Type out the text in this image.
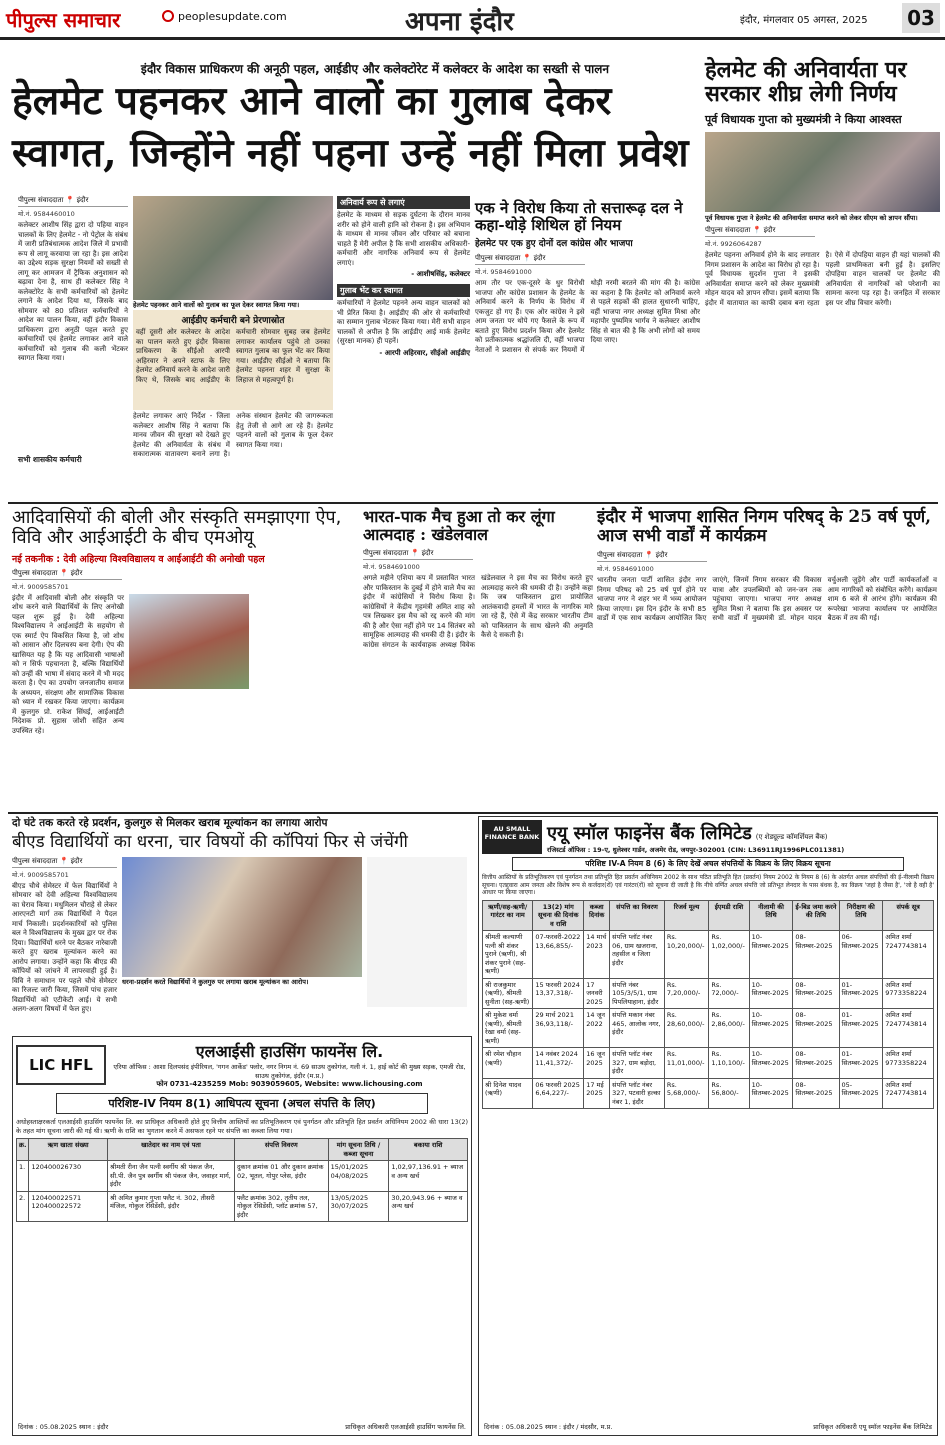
पीपुल्स समाचार	peoplesupdate.com	अपना इंदौर	इंदौर, मंगलवार 05 अगस्त, 2025 03
इंदौर विकास प्राधिकरण की अनूठी पहल, आईडीए और कलेक्टोरेट में कलेक्टर के आदेश का सख्ती से पालन
हेलमेट पहनकर आने वालों का गुलाब देकर
स्वागत, जिन्होंने नहीं पहना उन्हें नहीं मिला प्रवेश
पीपुल्स संवाददाता 📍 इंदौर
मो.नं. 9584460010
कलेक्टर आशीष सिंह द्वारा दो पहिया वाहन चालकों के लिए हेलमेट - नो पेट्रोल के संबंध में जारी प्रतिबंधात्मक आदेश जिले में प्रभावी रूप से लागू करवाया जा रहा है। इस आदेश का उद्देश्य सड़क सुरक्षा नियमों को सख्ती से लागू कर आमजन में ट्रैफिक अनुशासन को बढ़ावा देना है, साथ ही कलेक्टर सिंह ने कलेक्टोरेट के सभी कर्मचारियों को हेलमेट लगाने के आदेश दिया था, जिसके बाद सोमवार को 80 प्रतिशत कर्मचारियों ने आदेश का पालन किया, वहीं इंदौर विकास प्राधिकरण द्वारा अनूठी पहल करते हुए कर्मचारियों एवं हेलमेट लगाकर आने वाले कर्मचारियों को गुलाब की कली भेंटकर स्वागत किया गया।
हेलमेट पहनकर आने वालों को गुलाब का फूल देकर स्वागत किया गया।
आईडीए कर्मचारी बने प्रेरणास्रोत
वहीं दूसरी ओर कलेक्टर के आदेश का पालन करते हुए इंदौर विकास प्राधिकरण के सीईओ आरपी अहिरवार ने अपने स्टाफ के लिए हेलमेट अनिवार्य करने के आदेश जारी किए थे, जिसके बाद आईडीए के कर्मचारी सोमवार सुबह जब हेलमेट लगाकर कार्यालय पहुंचे तो उनका स्वागत गुलाब का फूल भेंट कर किया गया। आईडीए सीईओ ने बताया कि हेलमेट पहनना शहर में सुरक्षा के लिहाज से महत्वपूर्ण है।
सभी शासकीय कर्मचारी
हेलमेट लगाकर आएं निर्देश - जिला कलेक्टर आशीष सिंह ने बताया कि मानव जीवन की सुरक्षा को देखते हुए हेलमेट की अनिवार्यता के संबंध में सकारात्मक वातावरण बनाने लगा है। अनेक संस्थान हेलमेट की जागरूकता हेतु तेजी से आगे आ रहे हैं। हेलमेट पहनने वालों को गुलाब के फूल देकर स्वागत किया गया।
अनिवार्य रूप से लगाएं
हेलमेट के माध्यम से सड़क दुर्घटना के दौरान मानव शरीर को होने वाली हानि को रोकना है। इस अभियान के माध्यम से मानव जीवन और परिवार को बचाना चाहते हैं मेरी अपील है कि सभी शासकीय अधिकारी-कर्मचारी और नागरिक अनिवार्य रूप से हेलमेट लगाएं।
- आशीषसिंह, कलेक्टर
गुलाब भेंट कर स्वागत
कर्मचारियों ने हेलमेट पहनने अन्य वाहन चालकों को भी प्रेरित किया है। आईडीए की ओर से कर्मचारियों का सम्मान गुलाब भेंटकर किया गया। मेरी सभी वाहन चालकों से अपील है कि आईडीए आई मार्क हेलमेट (सुरक्षा मानक) ही पहनें।
- आरपी अहिरवार, सीईओ आईडीए
हेलमेट की अनिवार्यता पर सरकार शीघ्र लेगी निर्णय
पूर्व विधायक गुप्ता को मुख्यमंत्री ने किया आश्वस्त
पूर्व विधायक गुप्ता ने हेलमेट की अनिवार्यता समाप्त करने को लेकर सीएम को ज्ञापन सौंपा।
पीपुल्स संवाददाता 📍 इंदौर
मो.नं. 9926064287
हेलमेट पहनना अनिवार्य होने के बाद लगातार निगम प्रशासन के आदेश का विरोध हो रहा है। पूर्व विधायक सुदर्शन गुप्ता ने इसकी अनिवार्यता समाप्त करने को लेकर मुख्यमंत्री मोहन यादव को ज्ञापन सौंपा। इसमें बताया कि इंदौर में यातायात का काफी दबाव बना रहता है। ऐसे में दोपहिया वाहन ही यहां चालकों की पहली प्राथमिकता बनी हुई है। इसलिए दोपहिया वाहन चालकों पर हेलमेट की अनिवार्यता से नागरिकों को परेशानी का सामना करना पड़ रहा है। जनहित में सरकार इस पर शीघ्र विचार करेगी।
एक ने विरोध किया तो सत्तारूढ़ दल ने कहा-थोड़े शिथिल हों नियम
हेलमेट पर एक हुए दोनों दल कांग्रेस और भाजपा
पीपुल्स संवाददाता 📍 इंदौर
मो.नं. 9584691000
आम तौर पर एक-दूसरे के धुर विरोधी भाजपा और कांग्रेस प्रशासन के हेलमेट के अनिवार्य करने के निर्णय के विरोध में एकजुट हो गए हैं। एक ओर कांग्रेस ने इसे आम जनता पर थोपे गए फैसले के रूप में बताते हुए विरोध प्रदर्शन किया और हेलमेट को प्रतीकात्मक श्रद्धांजलि दी, वहीं भाजपा नेताओं ने प्रशासन से संपर्क कर नियमों में थोड़ी नरमी बरतने की मांग की है। कांग्रेस का कहना है कि हेलमेट को अनिवार्य करने से पहले सड़कों की हालत सुधारनी चाहिए, वहीं भाजपा नगर अध्यक्ष सुमित मिश्रा और महापौर पुष्यमित्र भार्गव ने कलेक्टर आशीष सिंह से बात की है कि अभी लोगों को समय दिया जाए।
आदिवासियों की बोली और संस्कृति समझाएगा ऐप, विवि और आईआईटी के बीच एमओयू
नई तकनीक : देवी अहिल्या विश्वविद्यालय व आईआईटी की अनोखी पहल
पीपुल्स संवाददाता 📍 इंदौर
मो.नं. 9009585701
इंदौर में आदिवासी बोली और संस्कृति पर शोध करने वाले विद्यार्थियों के लिए अनोखी पहल शुरू हुई है। देवी अहिल्या विश्वविद्यालय ने आईआईटी के सहयोग से एक स्मार्ट ऐप विकसित किया है, जो शोध को आसान और दिलचस्प बना देगी। ऐप की खासियत यह है कि यह आदिवासी भाषाओं को न सिर्फ पहचानता है, बल्कि विद्यार्थियों को उन्हीं की भाषा में संवाद करने में भी मदद करता है। ऐप का उपयोग जनजातीय समाज के अध्ययन, संरक्षण और सामाजिक विकास को ध्यान में रखकर किया जाएगा। कार्यक्रम में कुलगुरु प्रो. राकेश सिंघई, आईआईटी निदेशक प्रो. सुहास जोशी सहित अन्य उपस्थित रहे।
भारत-पाक मैच हुआ तो कर लूंगा आत्मदाह : खंडेलवाल
पीपुल्स संवाददाता 📍 इंदौर
मो.नं. 9584691000
अगले महीने एशिया कप में प्रस्तावित भारत और पाकिस्तान के दुबई में होने वाले मैच का इंदौर में कांग्रेसियों ने विरोध किया है। कांग्रेसियों ने केंद्रीय गृहमंत्री अमित शाह को पत्र लिखकर इस मैच को रद्द करने की मांग की है और ऐसा नहीं होने पर 14 सितंबर को सामूहिक आत्मदाह की धमकी दी है। इंदौर के कांग्रेस संगठन के कार्यवाहक अध्यक्ष विवेक खंडेलवाल ने इस मैच का विरोध करते हुए आत्मदाह करने की धमकी दी है। उन्होंने कहा कि जब पाकिस्तान द्वारा प्रायोजित आतंकवादी हमलों में भारत के नागरिक मारे जा रहे हैं, ऐसे में केंद्र सरकार भारतीय टीम को पाकिस्तान के साथ खेलने की अनुमति कैसे दे सकती है।
इंदौर में भाजपा शासित निगम परिषद् के 25 वर्ष पूर्ण, आज सभी वार्डों में कार्यक्रम
पीपुल्स संवाददाता 📍 इंदौर
मो.नं. 9584691000
भारतीय जनता पार्टी शासित इंदौर नगर निगम परिषद को 25 वर्ष पूर्ण होने पर भाजपा नगर ने शहर भर में भव्य आयोजन किया जाएगा। इस दिन इंदौर के सभी 85 वार्डों में एक साथ कार्यक्रम आयोजित किए जाएंगे, जिनमें निगम सरकार की विकास यात्रा और उपलब्धियों को जन-जन तक पहुंचाया जाएगा। भाजपा नगर अध्यक्ष सुमित मिश्रा ने बताया कि इस अवसर पर सभी वार्डों में मुख्यमंत्री डॉ. मोहन यादव वर्चुअली जुड़ेंगे और पार्टी कार्यकर्ताओं व आम नागरिकों को संबोधित करेंगे। कार्यक्रम शाम 6 बजे से आरंभ होंगे। कार्यक्रम की रूपरेखा भाजपा कार्यालय पर आयोजित बैठक में तय की गई।
दो घंटे तक करते रहे प्रदर्शन, कुलगुरु से मिलकर खराब मूल्यांकन का लगाया आरोप
बीएड विद्यार्थियों का धरना, चार विषयों की कॉपियां फिर से जंचेंगी
पीपुल्स संवाददाता 📍 इंदौर
मो.नं. 9009585701
बीएड चौथे सेमेस्टर में फेल विद्यार्थियों ने सोमवार को देवी अहिल्या विश्वविद्यालय का घेराव किया। मधुमिलन चौराहे से लेकर आरएनटी मार्ग तक विद्यार्थियों ने पैदल मार्च निकाली। प्रदर्शनकारियों को पुलिस बल ने विश्वविद्यालय के मुख्य द्वार पर रोक दिया। विद्यार्थियों धरने पर बैठकर नारेबाजी करते हुए खराब मूल्यांकन करने का आरोप लगाया। उन्होंने कहा कि बीएड की कॉपियों को जांचने में लापरवाही हुई है। विवि ने समाधान पर पहले चौथे सेमेस्टर का रिजल्ट जारी किया, जिसमें पांच हजार विद्यार्थियों को एटीकेटी आई। ये सभी अलग-अलग विषयों में फेल हुए।
धरना-प्रदर्शन करते विद्यार्थियों ने कुलगुरु पर लगाया खराब मूल्यांकन का आरोप।
LIC HFL
एलआईसी हाउसिंग फायनेंस लि.
एरिया ऑफिस : आशा दिलपसंद इंपीरियल, 'गगन आर्केड' फ्लोर, नगर निगम नं. 69 साउथ तुकोगंज, गली नं. 1, हाई कोर्ट की मुख्य सड़क, एमजी रोड, साउथ तुकोगंज, इंदौर (म.प्र.)
फोन 0731-4235259 Mob: 9039059605, Website: www.lichousing.com
परिशिष्ट-IV नियम 8(1) आधिपत्य सूचना (अचल संपत्ति के लिए)
अधोहस्ताक्षरकर्ता एलआईसी हाउसिंग फायनेंस लि. का प्राधिकृत अधिकारी होते हुए वित्तीय आस्तियों का प्रतिभूतिकरण एवं पुनर्गठन और प्रतिभूति हित प्रवर्तन अधिनियम 2002 की धारा 13(2) के तहत मांग सूचना जारी की गई थी। ऋणी के राशि का भुगतान करने में असफल रहने पर संपत्ति का कब्जा लिया गया।
क्र.	ऋण खाता संख्या	खातेदार का नाम एवं पता	संपत्ति विवरण	मांग सूचना तिथि / कब्जा सूचना	बकाया राशि
1.	120400026730	श्रीमती रीना जैन पत्नी स्वर्गीय श्री पंकज जैन, सी.पी. जैन पुत्र स्वर्गीय श्री पंकज जैन, जवाहर मार्ग, इंदौर	दुकान क्रमांक 01 और दुकान क्रमांक 02, भूतल, गोपुर प्लेस, इंदौर	15/01/2025 04/08/2025	1,02,97,136.91 + ब्याज व अन्य खर्च
2.	120400022571 120400022572	श्री अमित कुमार गुप्ता फ्लैट नं. 302, तीसरी मंजिल, गोकुल रेसिडेंसी, इंदौर	फ्लैट क्रमांक 302, तृतीय तल, गोकुल रेसिडेंसी, प्लॉट क्रमांक 57, इंदौर	13/05/2025 30/07/2025	30,20,943.96 + ब्याज व अन्य खर्च
दिनांक : 05.08.2025 स्थान : इंदौर	प्राधिकृत अधिकारी एलआईसी हाउसिंग फायनेंस लि.
AU SMALL FINANCE BANK एयू स्मॉल फाइनेंस बैंक लिमिटेड (ए शेड्यूल्ड कॉमर्शियल बैंक)
रजिस्टर्ड ऑफिस : 19-ए, धुलेश्वर गार्डन, अजमेर रोड, जयपुर-302001 (CIN: L36911RJ1996PLC011381)
परिशिष्ट IV-A नियम 8 (6) के लिए देखें अचल संपत्तियों के विक्रय के लिए विक्रय सूचना
वित्तीय आस्तियों के प्रतिभूतिकरण एवं पुनर्गठन तथा प्रतिभूति हित प्रवर्तन अधिनियम 2002 के साथ पठित प्रतिभूति हित (प्रवर्तन) नियम 2002 के नियम 8 (6) के अंतर्गत अचल संपत्तियों की ई-नीलामी विक्रय सूचना। एतद्द्वारा आम जनता और विशेष रूप से कर्जदार(रों) एवं गारंटर(रों) को सूचना दी जाती है कि नीचे वर्णित अचल संपत्ति जो प्रतिभूत लेनदार के पास बंधक है, का विक्रय 'जहां है जैसा है', 'जो है वही है' आधार पर किया जाएगा।
ऋणी/सह-ऋणी/गारंटर का नाम	13(2) मांग सूचना की दिनांक व राशि	कब्जा दिनांक	संपत्ति का विवरण	रिजर्व मूल्य	ईएमडी राशि	नीलामी की तिथि	ई-बिड जमा करने की तिथि	निरीक्षण की तिथि	संपर्क सूत्र
श्रीमती कल्याणी पत्नी श्री शंकर पुराने (ऋणी), श्री शंकर पुराने (सह-ऋणी)	07-फरवरी-2022 13,66,855/-	14 मार्च 2023	संपत्ति प्लॉट नंबर 06, ग्राम खजराना, तहसील व जिला इंदौर	Rs. 10,20,000/-	Rs. 1,02,000/-	10-सितम्बर-2025	08-सितम्बर-2025	06-सितम्बर-2025	अमित शर्मा 7247743814
श्री राजकुमार (ऋणी), श्रीमती सुनीता (सह-ऋणी)	15 फरवरी 2024 13,37,318/-	17 जनवरी 2025	संपत्ति नंबर 105/3/5/1, ग्राम पिपलियाहाना, इंदौर	Rs. 7,20,000/-	Rs. 72,000/-	10-सितम्बर-2025	08-सितम्बर-2025	01-सितम्बर-2025	अमित शर्मा 9773358224
श्री मुकेश वर्मा (ऋणी), श्रीमती रेखा वर्मा (सह-ऋणी)	29 मार्च 2021 36,93,118/-	14 जून 2022	संपत्ति मकान नंबर 465, आलोक नगर, इंदौर	Rs. 28,60,000/-	Rs. 2,86,000/-	10-सितम्बर-2025	08-सितम्बर-2025	01-सितम्बर-2025	अमित शर्मा 7247743814
श्री रमेश चौहान (ऋणी)	14 नवंबर 2024 11,41,372/-	16 जून 2025	संपत्ति प्लॉट नंबर 327, ग्राम बड़ोदा, इंदौर	Rs. 11,01,000/-	Rs. 1,10,100/-	10-सितम्बर-2025	08-सितम्बर-2025	01-सितम्बर-2025	अमित शर्मा 9773358224
श्री दिनेश यादव (ऋणी)	06 फरवरी 2025 6,64,227/-	17 मई 2025	संपत्ति प्लॉट नंबर 327, पटवारी हल्का नंबर 1, इंदौर	Rs. 5,68,000/-	Rs. 56,800/-	10-सितम्बर-2025	08-सितम्बर-2025	05-सितम्बर-2025	अमित शर्मा 7247743814
दिनांक : 05.08.2025 स्थान : इंदौर / मंदसौर, म.प्र.	प्राधिकृत अधिकारी एयू स्मॉल फाइनेंस बैंक लिमिटेड
